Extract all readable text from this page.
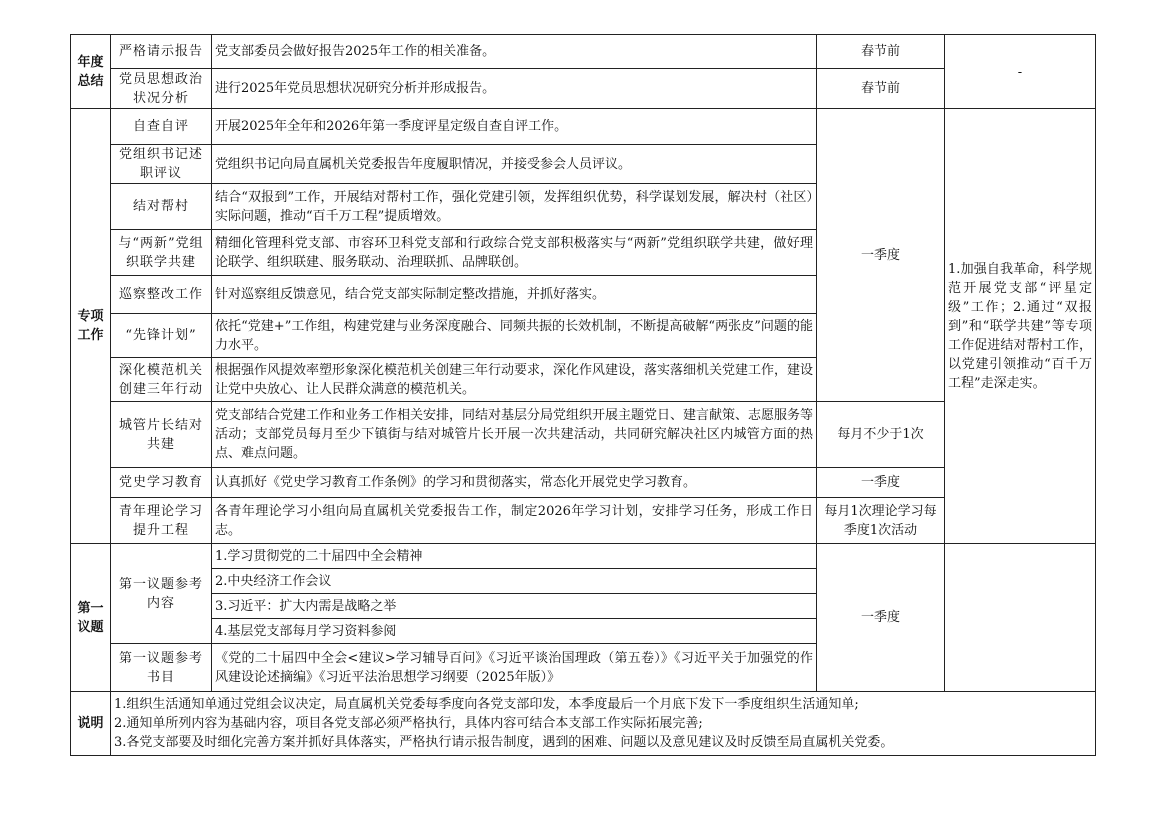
年度总结	严格请示报告	党支部委员会做好报告2025年工作的相关准备。	春节前	-
	党员思想政治状况分析	进行2025年党员思想状况研究分析并形成报告。	春节前	
专项工作	自查自评	开展2025年全年和2026年第一季度评星定级自查自评工作。	一季度	1.加强自我革命，科学规范开展党支部“评星定级”工作；2.通过“双报到”和“联学共建”等专项工作促进结对帮村工作，以党建引领推动“百千万工程”走深走实。
	党组织书记述职评议	党组织书记向局直属机关党委报告年度履职情况，并接受参会人员评议。		
	结对帮村	结合“双报到”工作，开展结对帮村工作，强化党建引领，发挥组织优势，科学谋划发展，解决村（社区）实际问题，推动“百千万工程”提质增效。		
	与“两新”党组织联学共建	精细化管理科党支部、市容环卫科党支部和行政综合党支部积极落实与“两新”党组织联学共建，做好理论联学、组织联建、服务联动、治理联抓、品牌联创。		
	巡察整改工作	针对巡察组反馈意见，结合党支部实际制定整改措施，并抓好落实。		
	“先锋计划”	依托“党建+”工作组，构建党建与业务深度融合、同频共振的长效机制，不断提高破解“两张皮”问题的能力水平。		
	深化模范机关创建三年行动	根据强作风提效率塑形象深化模范机关创建三年行动要求，深化作风建设，落实落细机关党建工作，建设让党中央放心、让人民群众满意的模范机关。		
	城管片长结对共建	党支部结合党建工作和业务工作相关安排，同结对基层分局党组织开展主题党日、建言献策、志愿服务等活动；支部党员每月至少下镇街与结对城管片长开展一次共建活动，共同研究解决社区内城管方面的热点、难点问题。	每月不少于1次	
	党史学习教育	认真抓好《党史学习教育工作条例》的学习和贯彻落实，常态化开展党史学习教育。	一季度	
	青年理论学习提升工程	各青年理论学习小组向局直属机关党委报告工作，制定2026年学习计划，安排学习任务，形成工作日志。	每月1次理论学习每季度1次活动	
第一议题	第一议题参考内容	1.学习贯彻党的二十届四中全会精神	一季度	
		2.中央经济工作会议		
		3.习近平：扩大内需是战略之举		
		4.基层党支部每月学习资料参阅		
	第一议题参考书目	《党的二十届四中全会<建议>学习辅导百问》《习近平谈治国理政（第五卷）》《习近平关于加强党的作风建设论述摘编》《习近平法治思想学习纲要（2025年版）》		
说明	1.组织生活通知单通过党组会议决定，局直属机关党委每季度向各党支部印发，本季度最后一个月底下发下一季度组织生活通知单;
2.通知单所列内容为基础内容，项目各党支部必须严格执行，具体内容可结合本支部工作实际拓展完善;
3.各党支部要及时细化完善方案并抓好具体落实，严格执行请示报告制度，遇到的困难、问题以及意见建议及时反馈至局直属机关党委。			
